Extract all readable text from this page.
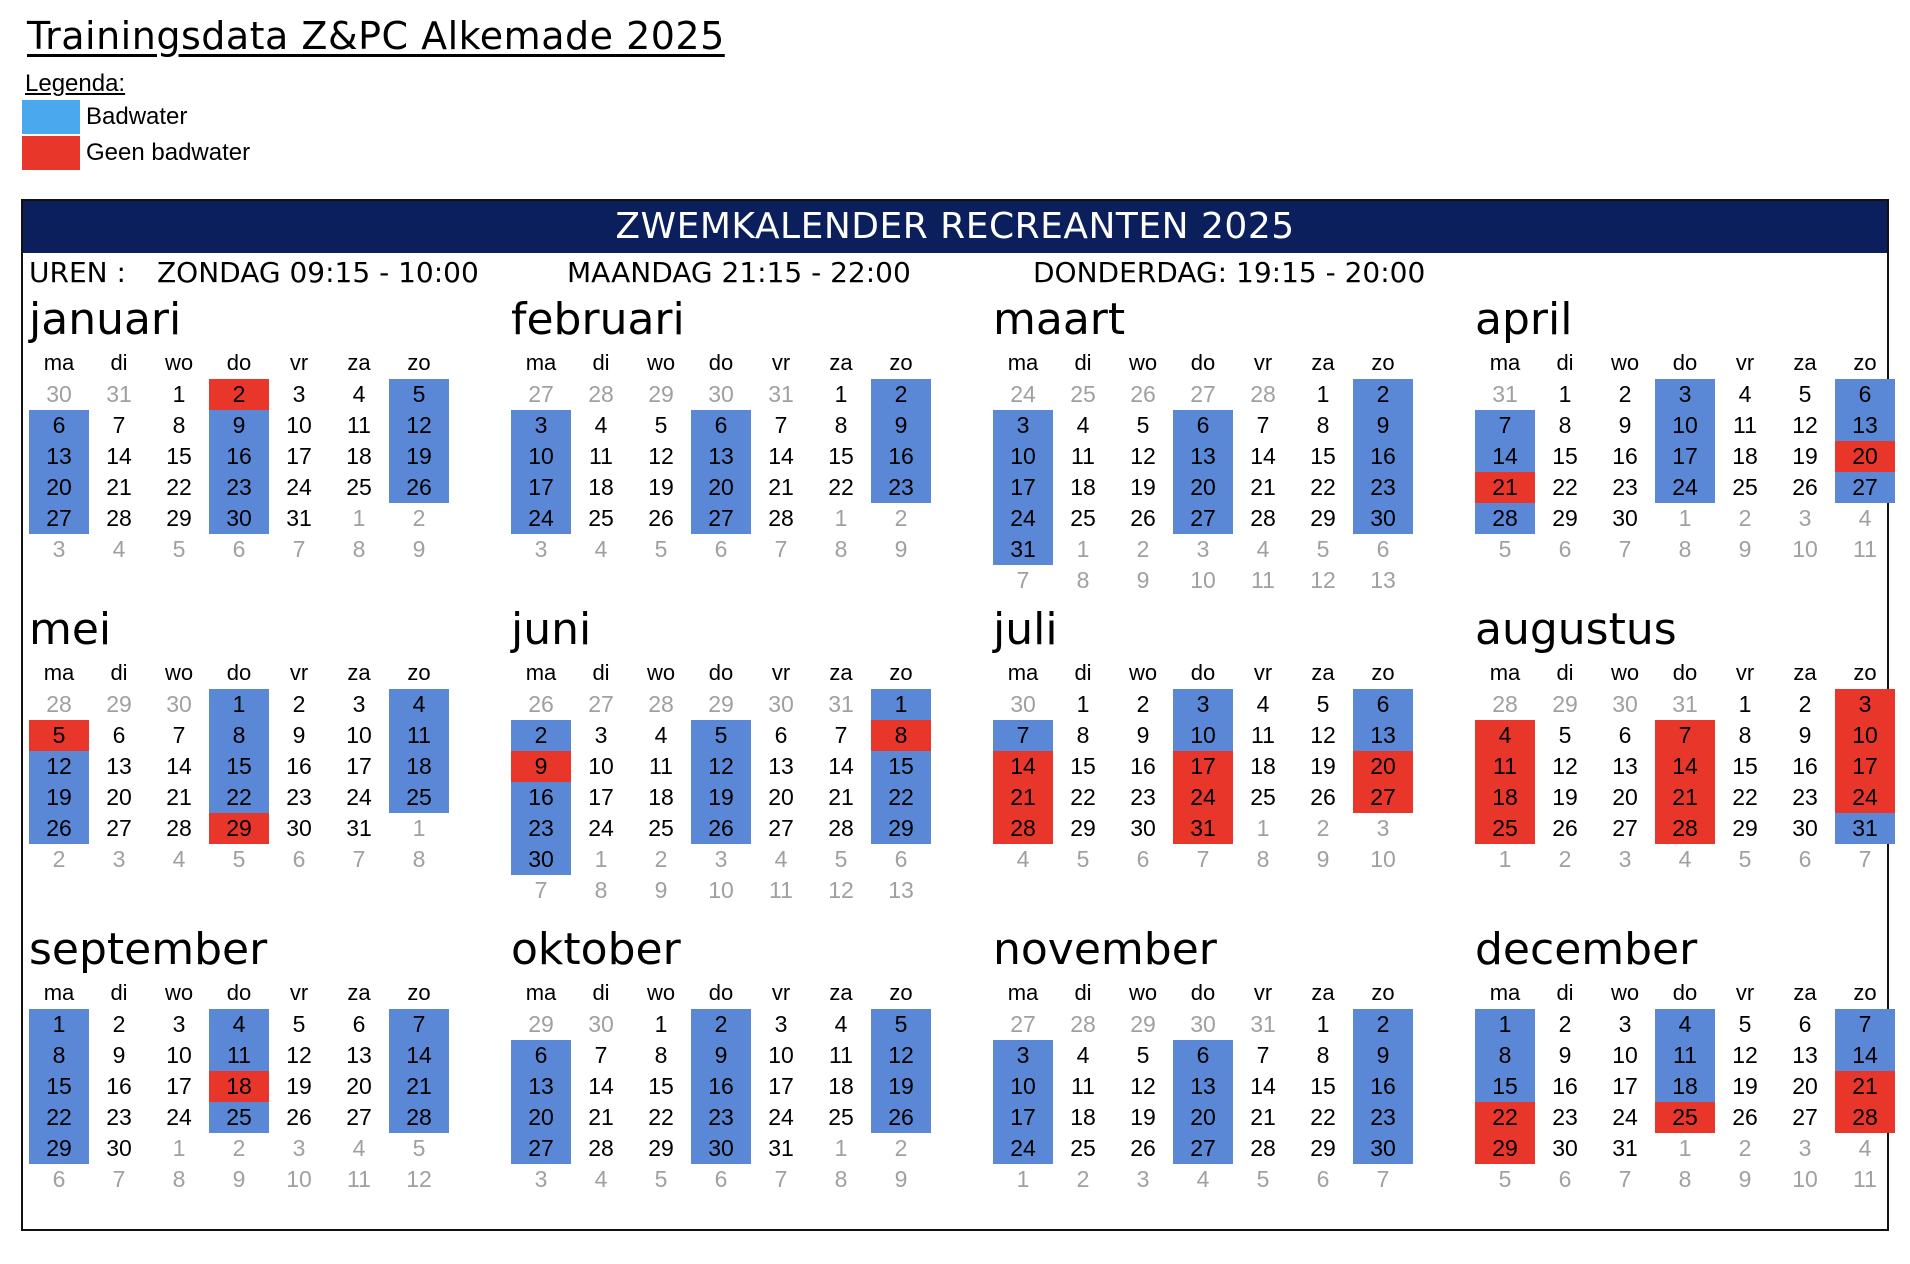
Trainingsdata Z&PC Alkemade 2025
Legenda:
Badwater
Geen badwater
ZWEMKALENDER RECREANTEN 2025
UREN : ZONDAG 09:15 - 10:00	MAANDAG 21:15 - 22:00	DONDERDAG: 19:15 - 20:00
januari
ma	di	wo	do	vr	za	zo
30	31	1	2	3	4	5
6	7	8	9	10	11	12
13	14	15	16	17	18	19
20	21	22	23	24	25	26
27	28	29	30	31	1	2
3	4	5	6	7	8	9
februari
ma	di	wo	do	vr	za	zo
27	28	29	30	31	1	2
3	4	5	6	7	8	9
10	11	12	13	14	15	16
17	18	19	20	21	22	23
24	25	26	27	28	1	2
3	4	5	6	7	8	9
maart
ma	di	wo	do	vr	za	zo
24	25	26	27	28	1	2
3	4	5	6	7	8	9
10	11	12	13	14	15	16
17	18	19	20	21	22	23
24	25	26	27	28	29	30
31	1	2	3	4	5	6
7	8	9	10	11	12	13
april
ma	di	wo	do	vr	za	zo
31	1	2	3	4	5	6
7	8	9	10	11	12	13
14	15	16	17	18	19	20
21	22	23	24	25	26	27
28	29	30	1	2	3	4
5	6	7	8	9	10	11
mei
ma	di	wo	do	vr	za	zo
28	29	30	1	2	3	4
5	6	7	8	9	10	11
12	13	14	15	16	17	18
19	20	21	22	23	24	25
26	27	28	29	30	31	1
2	3	4	5	6	7	8
juni
ma	di	wo	do	vr	za	zo
26	27	28	29	30	31	1
2	3	4	5	6	7	8
9	10	11	12	13	14	15
16	17	18	19	20	21	22
23	24	25	26	27	28	29
30	1	2	3	4	5	6
7	8	9	10	11	12	13
juli
ma	di	wo	do	vr	za	zo
30	1	2	3	4	5	6
7	8	9	10	11	12	13
14	15	16	17	18	19	20
21	22	23	24	25	26	27
28	29	30	31	1	2	3
4	5	6	7	8	9	10
augustus
ma	di	wo	do	vr	za	zo
28	29	30	31	1	2	3
4	5	6	7	8	9	10
11	12	13	14	15	16	17
18	19	20	21	22	23	24
25	26	27	28	29	30	31
1	2	3	4	5	6	7
september
ma	di	wo	do	vr	za	zo
1	2	3	4	5	6	7
8	9	10	11	12	13	14
15	16	17	18	19	20	21
22	23	24	25	26	27	28
29	30	1	2	3	4	5
6	7	8	9	10	11	12
oktober
ma	di	wo	do	vr	za	zo
29	30	1	2	3	4	5
6	7	8	9	10	11	12
13	14	15	16	17	18	19
20	21	22	23	24	25	26
27	28	29	30	31	1	2
3	4	5	6	7	8	9
november
ma	di	wo	do	vr	za	zo
27	28	29	30	31	1	2
3	4	5	6	7	8	9
10	11	12	13	14	15	16
17	18	19	20	21	22	23
24	25	26	27	28	29	30
1	2	3	4	5	6	7
december
ma	di	wo	do	vr	za	zo
1	2	3	4	5	6	7
8	9	10	11	12	13	14
15	16	17	18	19	20	21
22	23	24	25	26	27	28
29	30	31	1	2	3	4
5	6	7	8	9	10	11
